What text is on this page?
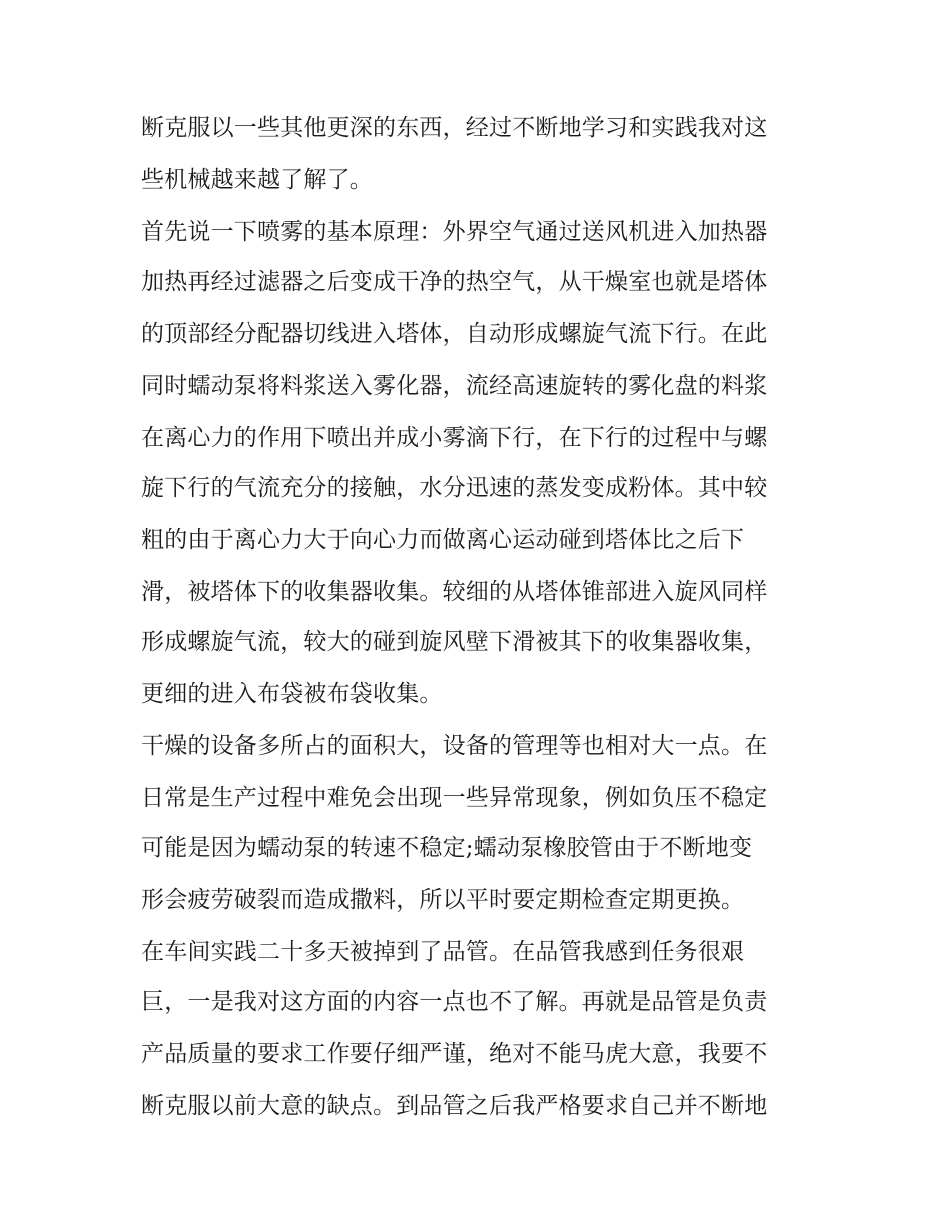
断克服以一些其他更深的东西，经过不断地学习和实践我对这
些机械越来越了解了。
首先说一下喷雾的基本原理：外界空气通过送风机进入加热器
加热再经过滤器之后变成干净的热空气，从干燥室也就是塔体
的顶部经分配器切线进入塔体，自动形成螺旋气流下行。在此
同时蠕动泵将料浆送入雾化器，流经高速旋转的雾化盘的料浆
在离心力的作用下喷出并成小雾滴下行，在下行的过程中与螺
旋下行的气流充分的接触，水分迅速的蒸发变成粉体。其中较
粗的由于离心力大于向心力而做离心运动碰到塔体比之后下
滑，被塔体下的收集器收集。较细的从塔体锥部进入旋风同样
形成螺旋气流，较大的碰到旋风壁下滑被其下的收集器收集，
更细的进入布袋被布袋收集。
干燥的设备多所占的面积大，设备的管理等也相对大一点。在
日常是生产过程中难免会出现一些异常现象，例如负压不稳定
可能是因为蠕动泵的转速不稳定;蠕动泵橡胶管由于不断地变
形会疲劳破裂而造成撒料，所以平时要定期检查定期更换。
在车间实践二十多天被掉到了品管。在品管我感到任务很艰
巨，一是我对这方面的内容一点也不了解。再就是品管是负责
产品质量的要求工作要仔细严谨，绝对不能马虎大意，我要不
断克服以前大意的缺点。到品管之后我严格要求自己并不断地
